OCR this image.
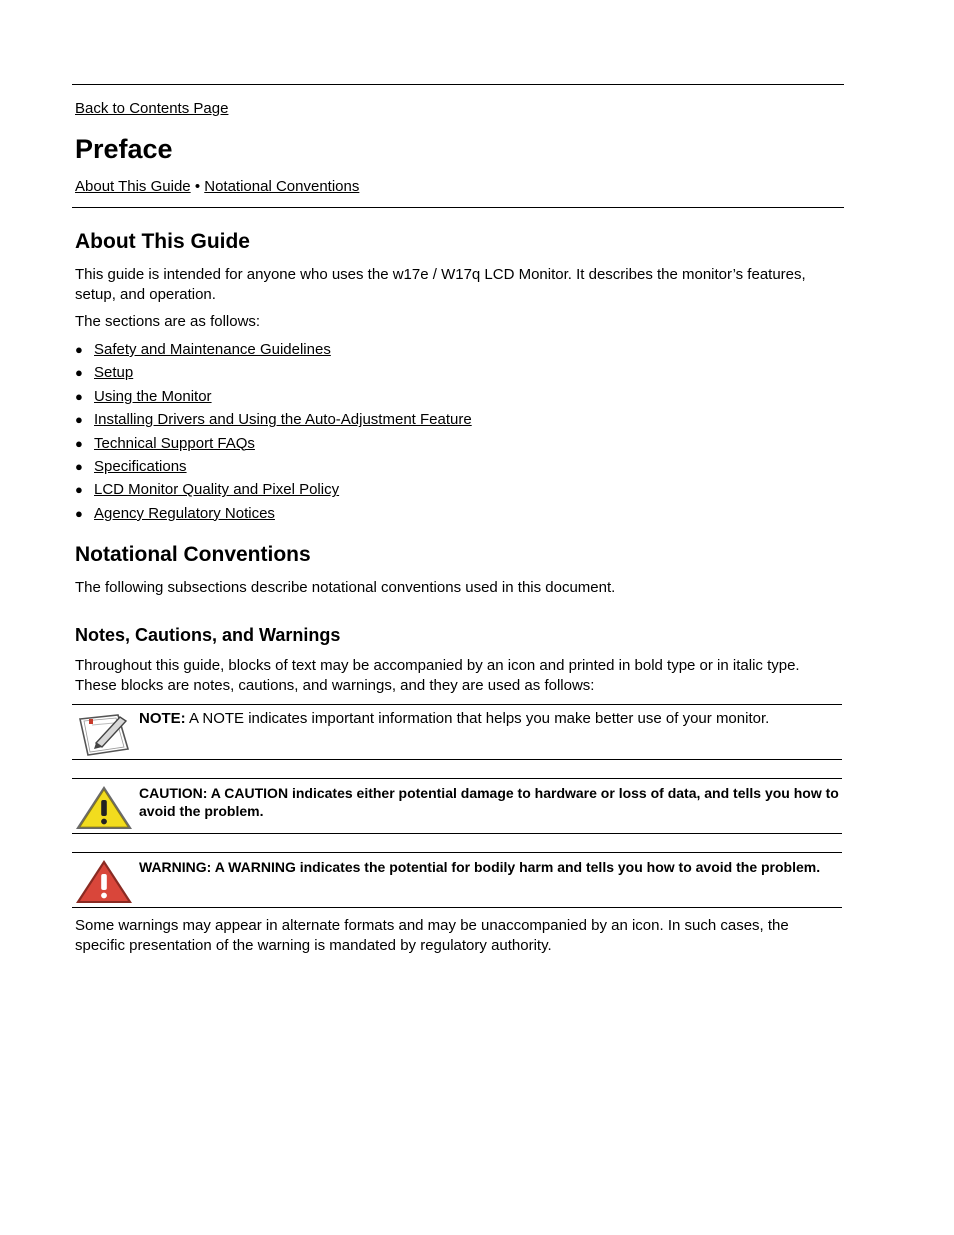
Back to Contents Page
Preface
About This Guide • Notational Conventions
About This Guide

This guide is intended for anyone who uses the w17e / W17q LCD Monitor. It describes the monitor’s features, setup, and operation.

The sections are as follows:

● Safety and Maintenance Guidelines
● Setup
● Using the Monitor
● Installing Drivers and Using the Auto-Adjustment Feature
● Technical Support FAQs
● Specifications
● LCD Monitor Quality and Pixel Policy
● Agency Regulatory Notices
Notational Conventions

The following subsections describe notational conventions used in this document.

Notes, Cautions, and Warnings

Throughout this guide, blocks of text may be accompanied by an icon and printed in bold type or in italic type. These blocks are notes, cautions, and warnings, and they are used as follows:

NOTE: A NOTE indicates important information that helps you make better use of your monitor.
CAUTION: A CAUTION indicates either potential damage to hardware or loss of data, and tells you how to avoid the problem.
WARNING: A WARNING indicates the potential for bodily harm and tells you how to avoid the problem.

Some warnings may appear in alternate formats and may be unaccompanied by an icon. In such cases, the specific presentation of the warning is mandated by regulatory authority.
